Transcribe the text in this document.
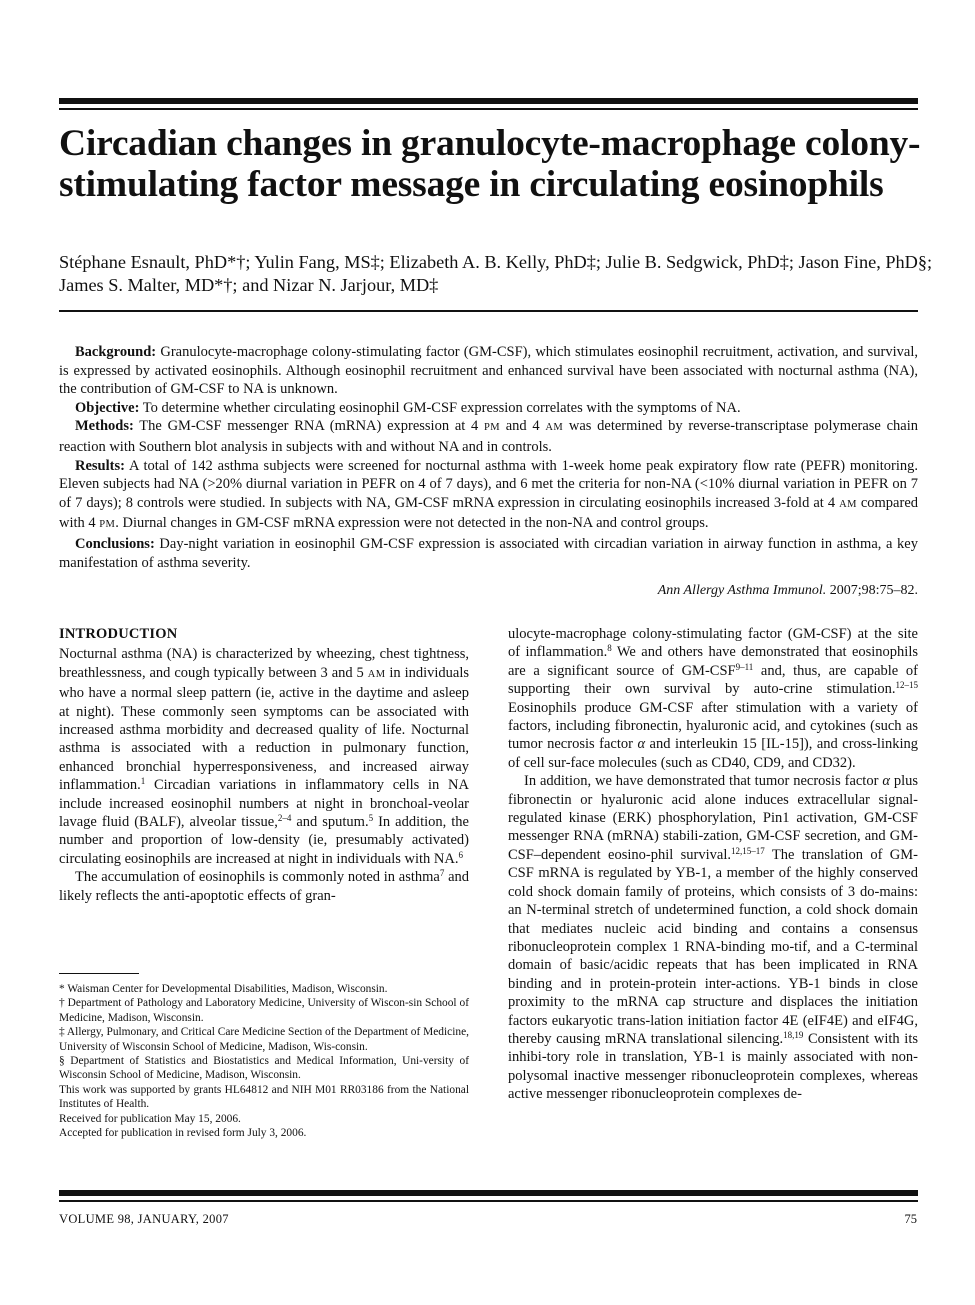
Circadian changes in granulocyte-macrophage colony-stimulating factor message in circulating eosinophils
Stéphane Esnault, PhD*†; Yulin Fang, MS‡; Elizabeth A. B. Kelly, PhD‡; Julie B. Sedgwick, PhD‡; Jason Fine, PhD§; James S. Malter, MD*†; and Nizar N. Jarjour, MD‡

Background: Granulocyte-macrophage colony-stimulating factor (GM-CSF), which stimulates eosinophil recruitment, activation, and survival, is expressed by activated eosinophils. Although eosinophil recruitment and enhanced survival have been associated with nocturnal asthma (NA), the contribution of GM-CSF to NA is unknown.

Objective: To determine whether circulating eosinophil GM-CSF expression correlates with the symptoms of NA.

Methods: The GM-CSF messenger RNA (mRNA) expression at 4 PM and 4 AM was determined by reverse-transcriptase polymerase chain reaction with Southern blot analysis in subjects with and without NA and in controls.

Results: A total of 142 asthma subjects were screened for nocturnal asthma with 1-week home peak expiratory flow rate (PEFR) monitoring. Eleven subjects had NA (>20% diurnal variation in PEFR on 4 of 7 days), and 6 met the criteria for non-NA (<10% diurnal variation in PEFR on 7 of 7 days); 8 controls were studied. In subjects with NA, GM-CSF mRNA expression in circulating eosinophils increased 3-fold at 4 AM compared with 4 PM. Diurnal changes in GM-CSF mRNA expression were not detected in the non-NA and control groups.

Conclusions: Day-night variation in eosinophil GM-CSF expression is associated with circadian variation in airway function in asthma, a key manifestation of asthma severity.

Ann Allergy Asthma Immunol. 2007;98:75–82.
INTRODUCTION

Nocturnal asthma (NA) is characterized by wheezing, chest tightness, breathlessness, and cough typically between 3 and 5 AM in individuals who have a normal sleep pattern (ie, active in the daytime and asleep at night). These commonly seen symptoms can be associated with increased asthma morbidity and decreased quality of life. Nocturnal asthma is associated with a reduction in pulmonary function, enhanced bronchial hyperresponsiveness, and increased airway inflammation.$^1$ Circadian variations in inflammatory cells in NA include increased eosinophil numbers at night in bronchoal-veolar lavage fluid (BALF), alveolar tissue,$^{2-4}$ and sputum.$^5$ In addition, the number and proportion of low-density (ie, presumably activated) circulating eosinophils are increased at night in individuals with NA.$^6$

The accumulation of eosinophils is commonly noted in asthma$^7$ and likely reflects the anti-apoptotic effects of gran-

* Waisman Center for Developmental Disabilities, Madison, Wisconsin.

† Department of Pathology and Laboratory Medicine, University of Wiscon-sin School of Medicine, Madison, Wisconsin.

‡ Allergy, Pulmonary, and Critical Care Medicine Section of the Department of Medicine, University of Wisconsin School of Medicine, Madison, Wis-consin.

§ Department of Statistics and Biostatistics and Medical Information, Uni-versity of Wisconsin School of Medicine, Madison, Wisconsin.

This work was supported by grants HL64812 and NIH M01 RR03186 from the National Institutes of Health.

Received for publication May 15, 2006.

Accepted for publication in revised form July 3, 2006.

ulocyte-macrophage colony-stimulating factor (GM-CSF) at the site of inflammation.$^8$ We and others have demonstrated that eosinophils are a significant source of GM-CSF$^{9-11}$ and, thus, are capable of supporting their own survival by auto-crine stimulation.$^{12-15}$ Eosinophils produce GM-CSF after stimulation with a variety of factors, including fibronectin, hyaluronic acid, and cytokines (such as tumor necrosis factor α and interleukin 15 [IL-15]), and cross-linking of cell sur-face molecules (such as CD40, CD9, and CD32).

In addition, we have demonstrated that tumor necrosis factor α plus fibronectin or hyaluronic acid alone induces extracellular signal-regulated kinase (ERK) phosphorylation, Pin1 activation, GM-CSF messenger RNA (mRNA) stabili-zation, GM-CSF secretion, and GM-CSF–dependent eosino-phil survival.$^{12,15-17}$ The translation of GM-CSF mRNA is regulated by YB-1, a member of the highly conserved cold shock domain family of proteins, which consists of 3 do-mains: an N-terminal stretch of undetermined function, a cold shock domain that mediates nucleic acid binding and contains a consensus ribonucleoprotein complex 1 RNA-binding mo-tif, and a C-terminal domain of basic/acidic repeats that has been implicated in RNA binding and in protein-protein inter-actions. YB-1 binds in close proximity to the mRNA cap structure and displaces the initiation factors eukaryotic trans-lation initiation factor 4E (eIF4E) and eIF4G, thereby causing mRNA translational silencing.$^{18,19}$ Consistent with its inhibi-tory role in translation, YB-1 is mainly associated with non-polysomal inactive messenger ribonucleoprotein complexes, whereas active messenger ribonucleoprotein complexes de-

VOLUME 98, JANUARY, 2007	75
